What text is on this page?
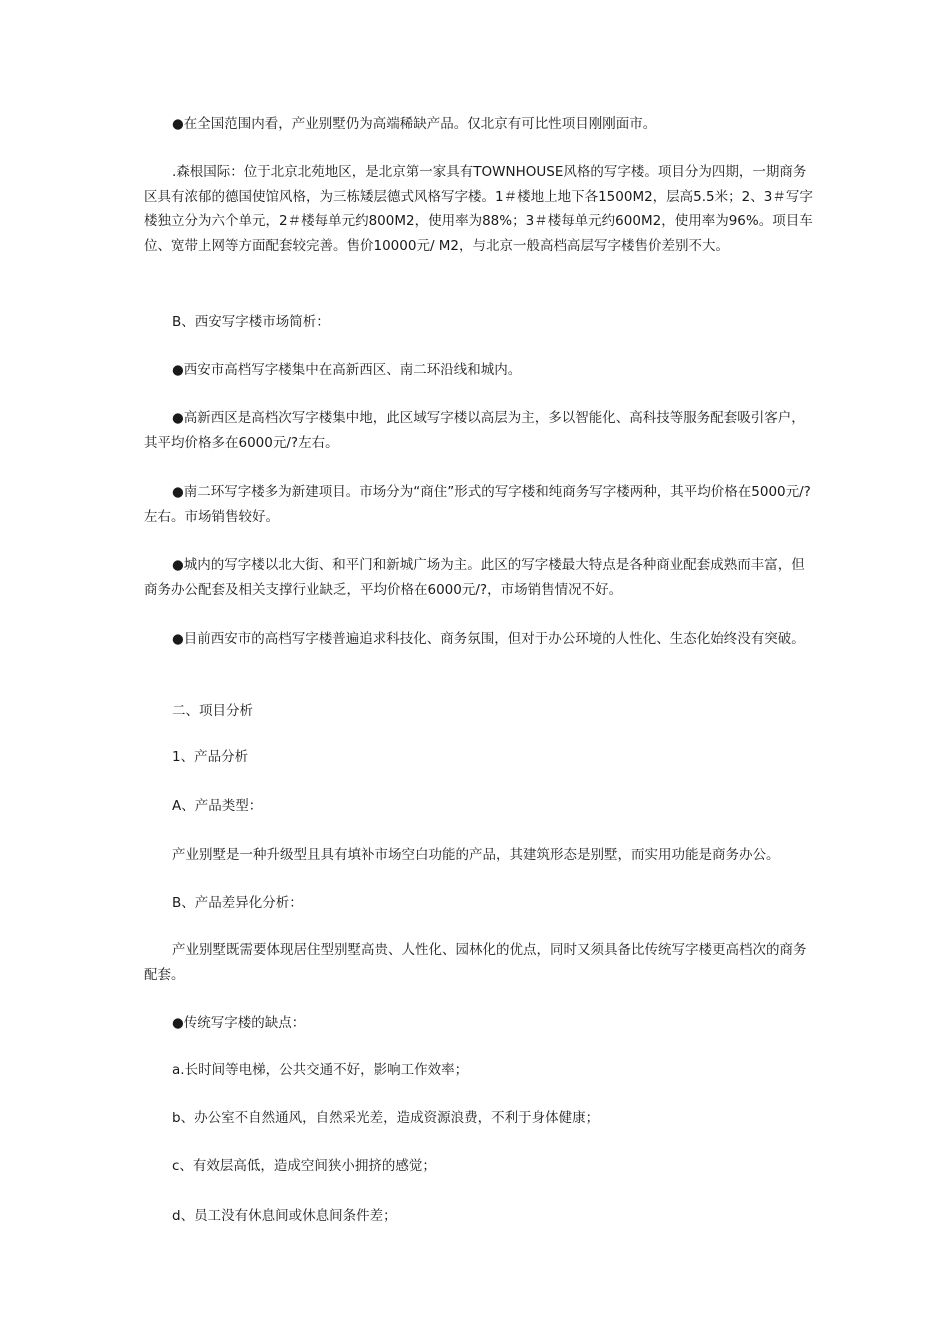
●在全国范围内看，产业别墅仍为高端稀缺产品。仅北京有可比性项目刚刚面市。

.森根国际：位于北京北苑地区，是北京第一家具有TOWNHOUSE风格的写字楼。项目分为四期，一期商务区具有浓郁的德国使馆风格，为三栋矮层德式风格写字楼。1＃楼地上地下各1500M2，层高5.5米；2、3＃写字楼独立分为六个单元，2＃楼每单元约800M2，使用率为88%；3＃楼每单元约600M2，使用率为96%。项目车位、宽带上网等方面配套较完善。售价10000元/ M2，与北京一般高档高层写字楼售价差别不大。

B、西安写字楼市场简析：

●西安市高档写字楼集中在高新西区、南二环沿线和城内。

●高新西区是高档次写字楼集中地，此区域写字楼以高层为主，多以智能化、高科技等服务配套吸引客户，其平均价格多在6000元/?左右。

●南二环写字楼多为新建项目。市场分为“商住”形式的写字楼和纯商务写字楼两种，其平均价格在5000元/?左右。市场销售较好。

●城内的写字楼以北大街、和平门和新城广场为主。此区的写字楼最大特点是各种商业配套成熟而丰富，但商务办公配套及相关支撑行业缺乏，平均价格在6000元/?，市场销售情况不好。

●目前西安市的高档写字楼普遍追求科技化、商务氛围，但对于办公环境的人性化、生态化始终没有突破。

二、项目分析

1、产品分析

A、产品类型：

产业别墅是一种升级型且具有填补市场空白功能的产品，其建筑形态是别墅，而实用功能是商务办公。

B、产品差异化分析：

产业别墅既需要体现居住型别墅高贵、人性化、园林化的优点，同时又须具备比传统写字楼更高档次的商务配套。

●传统写字楼的缺点：

a.长时间等电梯，公共交通不好，影响工作效率；

b、办公室不自然通风，自然采光差，造成资源浪费，不利于身体健康；

c、有效层高低，造成空间狭小拥挤的感觉；

d、员工没有休息间或休息间条件差；
